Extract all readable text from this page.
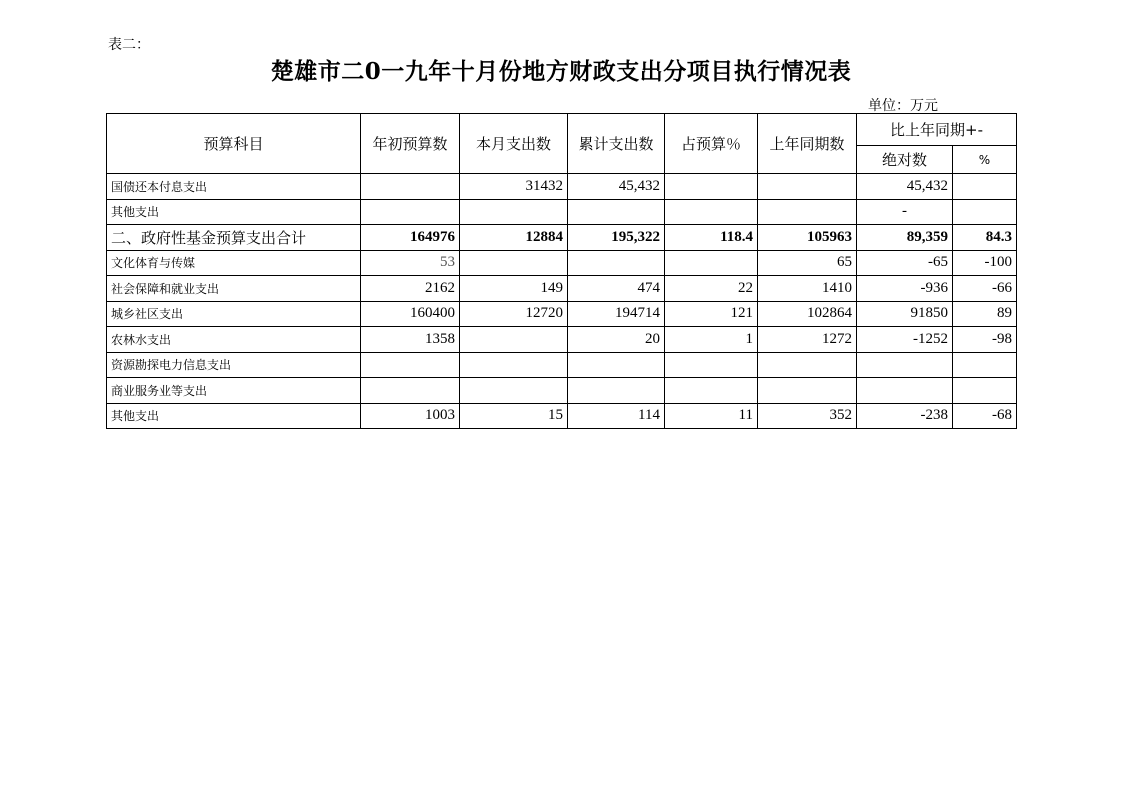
表二：
楚雄市二0一九年十月份地方财政支出分项目执行情况表
单位：万元
预算科目	年初预算数	本月支出数	累计支出数	占预算％	上年同期数	比上年同期+-	
						绝对数	%
国债还本付息支出		31432	45,432			45,432	
其他支出						-	
二、政府性基金预算支出合计	164976	12884	195,322	118.4	105963	89,359	84.3
文化体育与传媒	53				65	-65	-100
社会保障和就业支出	2162	149	474	22	1410	-936	-66
城乡社区支出	160400	12720	194714	121	102864	91850	89
农林水支出	1358		20	1	1272	-1252	-98
资源勘探电力信息支出							
商业服务业等支出							
其他支出	1003	15	114	11	352	-238	-68
